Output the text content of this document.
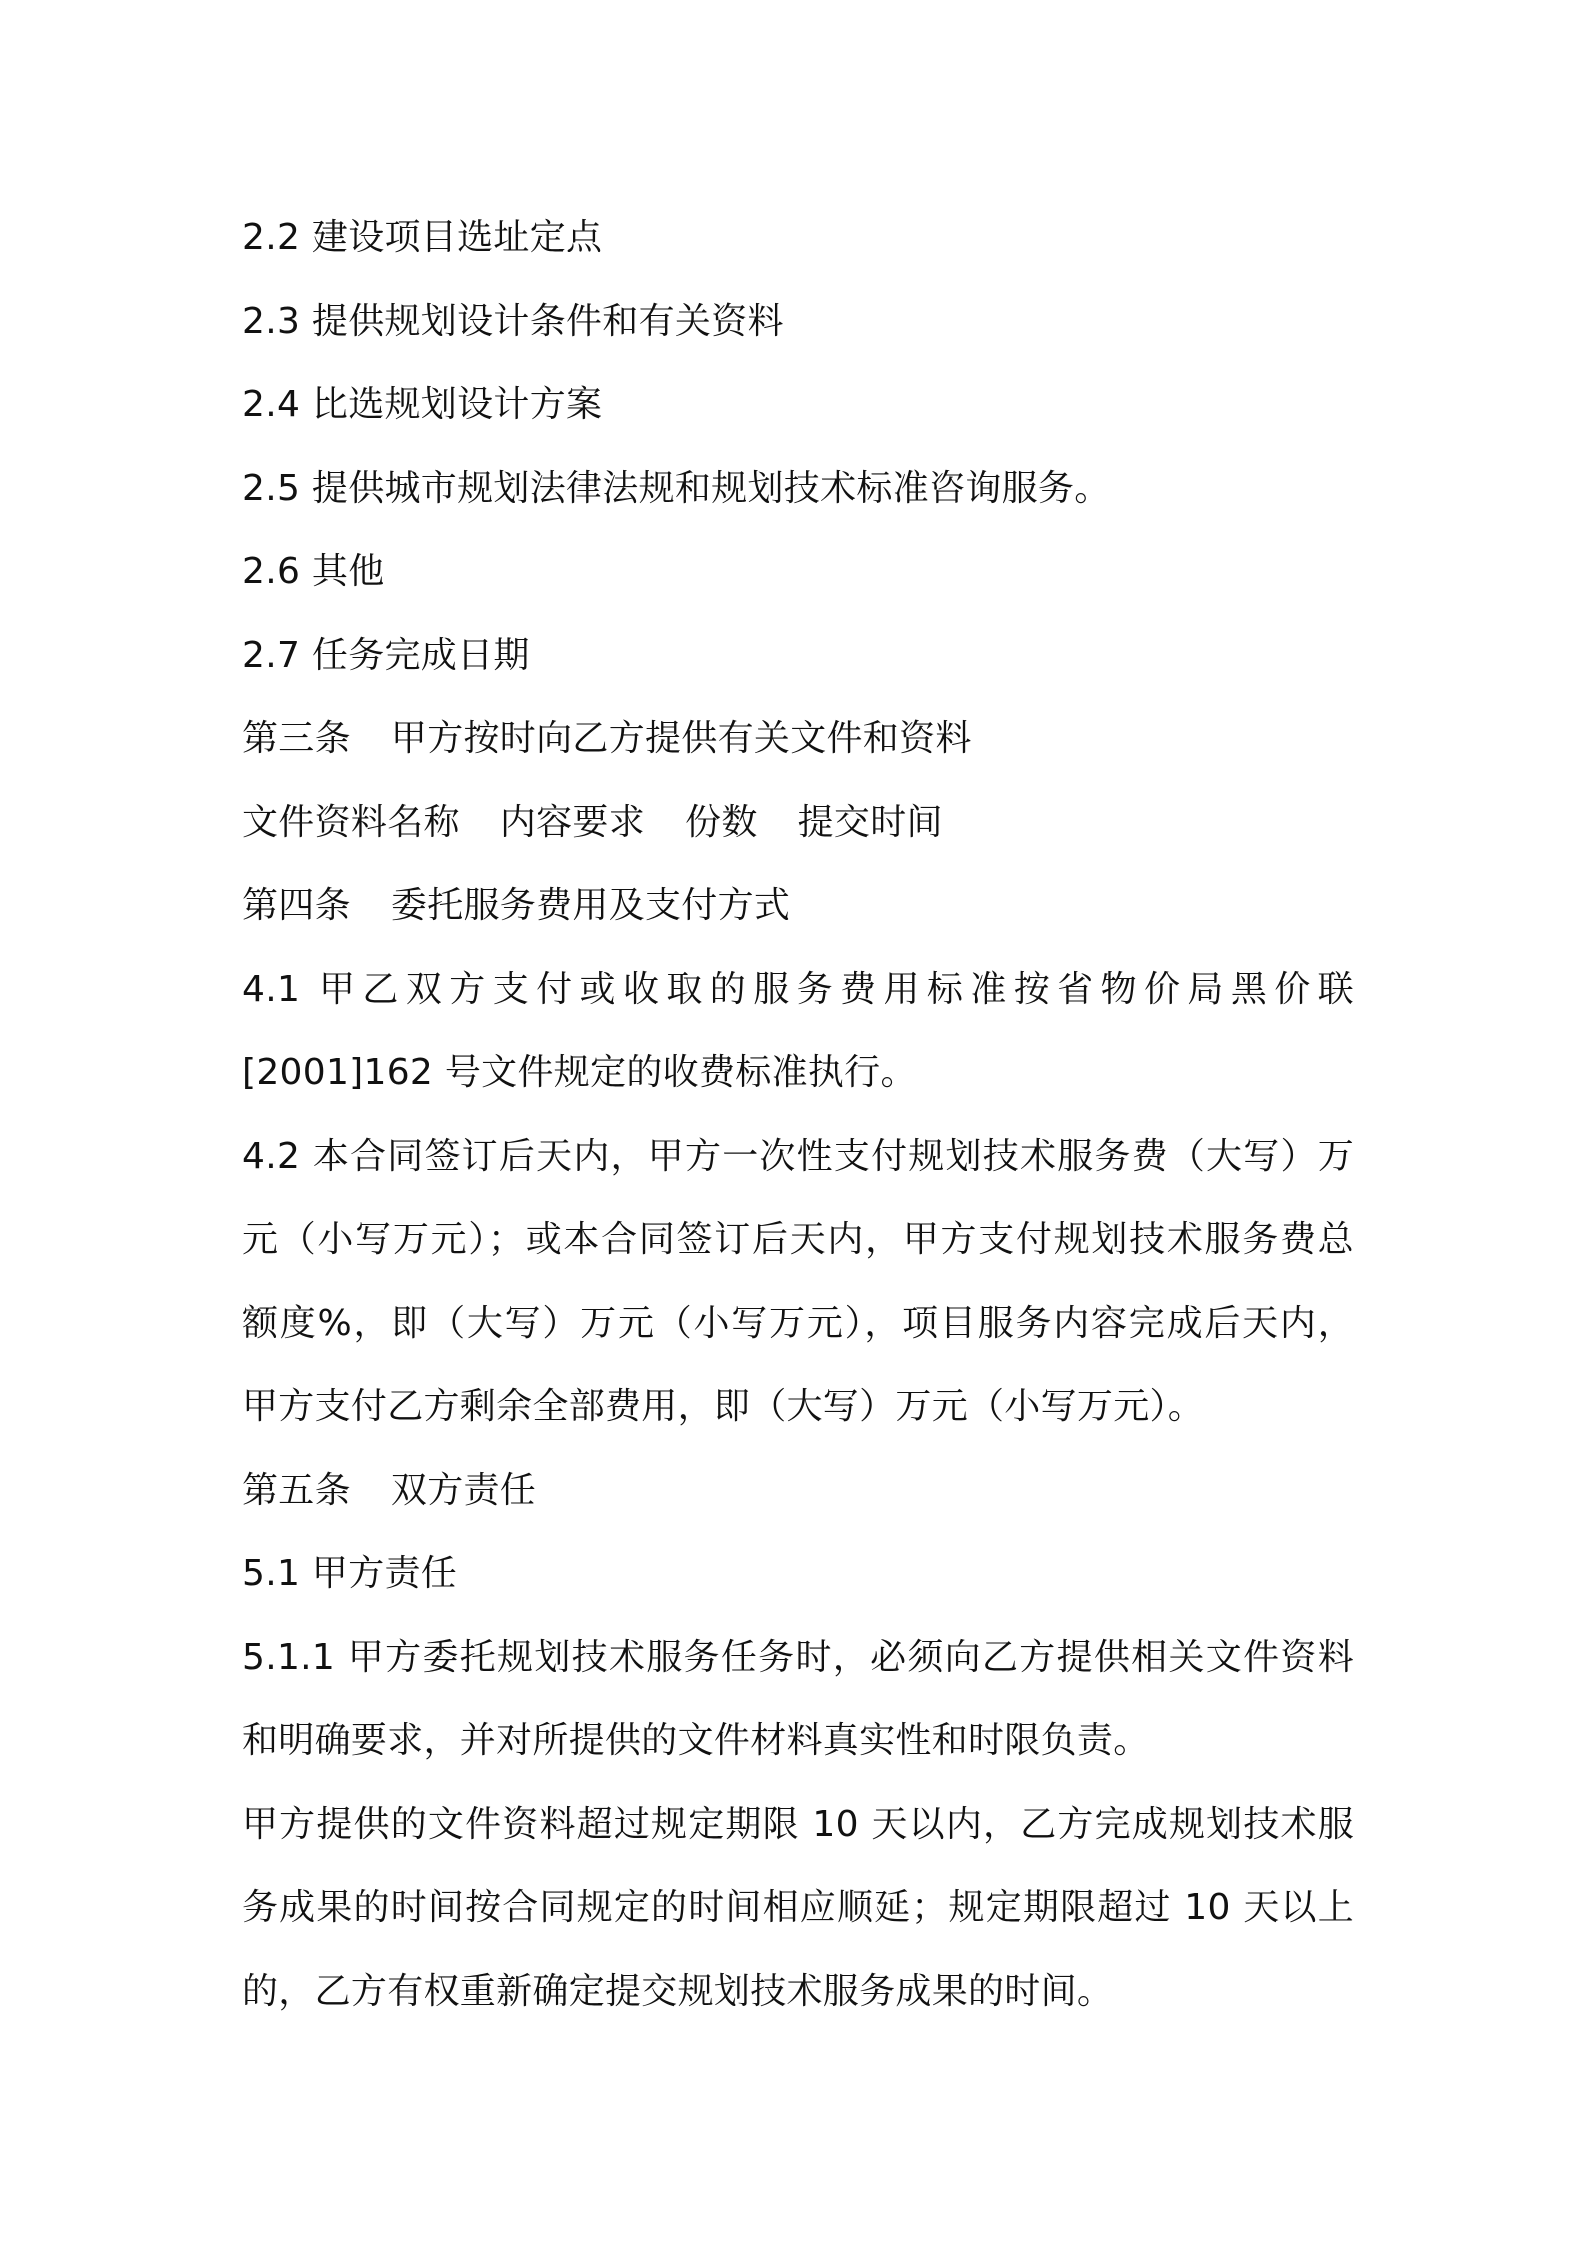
2.2 建设项目选址定点
2.3 提供规划设计条件和有关资料
2.4 比选规划设计方案
2.5 提供城市规划法律法规和规划技术标准咨询服务。
2.6 其他
2.7 任务完成日期
第三条 甲方按时向乙方提供有关文件和资料
文件资料名称 内容要求 份数 提交时间
第四条 委托服务费用及支付方式
4.1 甲乙双方支付或收取的服务费用标准按省物价局黑价联
[2001]162 号文件规定的收费标准执行。
4.2 本合同签订后天内，甲方一次性支付规划技术服务费（大写）万
元（小写万元）；或本合同签订后天内，甲方支付规划技术服务费总
额度%，即（大写）万元（小写万元），项目服务内容完成后天内，
甲方支付乙方剩余全部费用，即（大写）万元（小写万元）。
第五条 双方责任
5.1 甲方责任
5.1.1 甲方委托规划技术服务任务时，必须向乙方提供相关文件资料
和明确要求，并对所提供的文件材料真实性和时限负责。
甲方提供的文件资料超过规定期限 10 天以内，乙方完成规划技术服
务成果的时间按合同规定的时间相应顺延；规定期限超过 10 天以上
的，乙方有权重新确定提交规划技术服务成果的时间。
